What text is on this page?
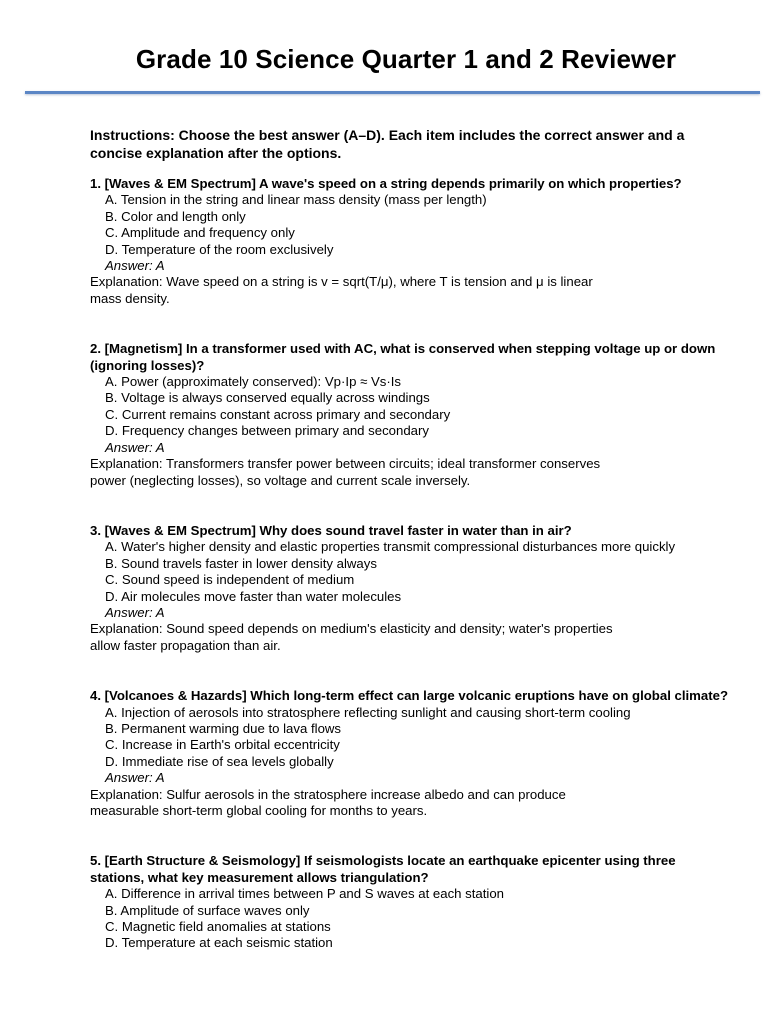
Grade 10 Science Quarter 1 and 2 Reviewer
Instructions: Choose the best answer (A–D). Each item includes the correct answer and a concise explanation after the options.
1. [Waves & EM Spectrum] A wave's speed on a string depends primarily on which properties?
A. Tension in the string and linear mass density (mass per length)
B. Color and length only
C. Amplitude and frequency only
D. Temperature of the room exclusively
Answer: A
Explanation: Wave speed on a string is v = sqrt(T/μ), where T is tension and μ is linear
mass density.
2. [Magnetism] In a transformer used with AC, what is conserved when stepping voltage up or down (ignoring losses)?
A. Power (approximately conserved): Vp·Ip ≈ Vs·Is
B. Voltage is always conserved equally across windings
C. Current remains constant across primary and secondary
D. Frequency changes between primary and secondary
Answer: A
Explanation: Transformers transfer power between circuits; ideal transformer conserves
power (neglecting losses), so voltage and current scale inversely.
3. [Waves & EM Spectrum] Why does sound travel faster in water than in air?
A. Water's higher density and elastic properties transmit compressional disturbances more quickly
B. Sound travels faster in lower density always
C. Sound speed is independent of medium
D. Air molecules move faster than water molecules
Answer: A
Explanation: Sound speed depends on medium's elasticity and density; water's properties
allow faster propagation than air.
4. [Volcanoes & Hazards] Which long-term effect can large volcanic eruptions have on global climate?
A. Injection of aerosols into stratosphere reflecting sunlight and causing short-term cooling
B. Permanent warming due to lava flows
C. Increase in Earth's orbital eccentricity
D. Immediate rise of sea levels globally
Answer: A
Explanation: Sulfur aerosols in the stratosphere increase albedo and can produce
measurable short-term global cooling for months to years.
5. [Earth Structure & Seismology] If seismologists locate an earthquake epicenter using three stations, what key measurement allows triangulation?
A. Difference in arrival times between P and S waves at each station
B. Amplitude of surface waves only
C. Magnetic field anomalies at stations
D. Temperature at each seismic station
